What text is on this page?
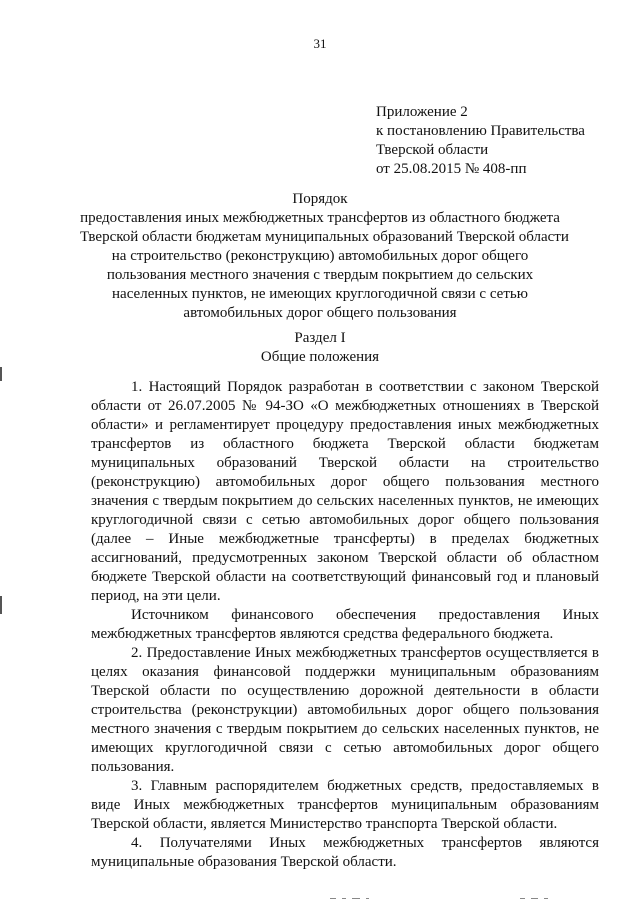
31
Приложение 2
к постановлению Правительства
Тверской области
от 25.08.2015 № 408-пп
Порядок
предоставления иных межбюджетных трансфертов из областного бюджета
Тверской области бюджетам муниципальных образований Тверской области
на строительство (реконструкцию) автомобильных дорог общего
пользования местного значения с твердым покрытием до сельских
населенных пунктов, не имеющих круглогодичной связи с сетью
автомобильных дорог общего пользования
Раздел I
Общие положения

1. Настоящий Порядок разработан в соответствии с законом Тверской области от 26.07.2005 № 94-ЗО «О межбюджетных отношениях в Тверской области» и регламентирует процедуру предоставления иных межбюджетных трансфертов из областного бюджета Тверской области бюджетам муниципальных образований Тверской области на строительство (реконструкцию) автомобильных дорог общего пользования местного значения с твердым покрытием до сельских населенных пунктов, не имеющих круглогодичной связи с сетью автомобильных дорог общего пользования (далее – Иные межбюджетные трансферты) в пределах бюджетных ассигнований, предусмотренных законом Тверской области об областном бюджете Тверской области на соответствующий финансовый год и плановый период, на эти цели.

Источником финансового обеспечения предоставления Иных межбюджетных трансфертов являются средства федерального бюджета.

2. Предоставление Иных межбюджетных трансфертов осуществляется в целях оказания финансовой поддержки муниципальным образованиям Тверской области по осуществлению дорожной деятельности в области строительства (реконструкции) автомобильных дорог общего пользования местного значения с твердым покрытием до сельских населенных пунктов, не имеющих круглогодичной связи с сетью автомобильных дорог общего пользования.

3. Главным распорядителем бюджетных средств, предоставляемых в виде Иных межбюджетных трансфертов муниципальным образованиям Тверской области, является Министерство транспорта Тверской области.

4. Получателями Иных межбюджетных трансфертов являются муниципальные образования Тверской области.
